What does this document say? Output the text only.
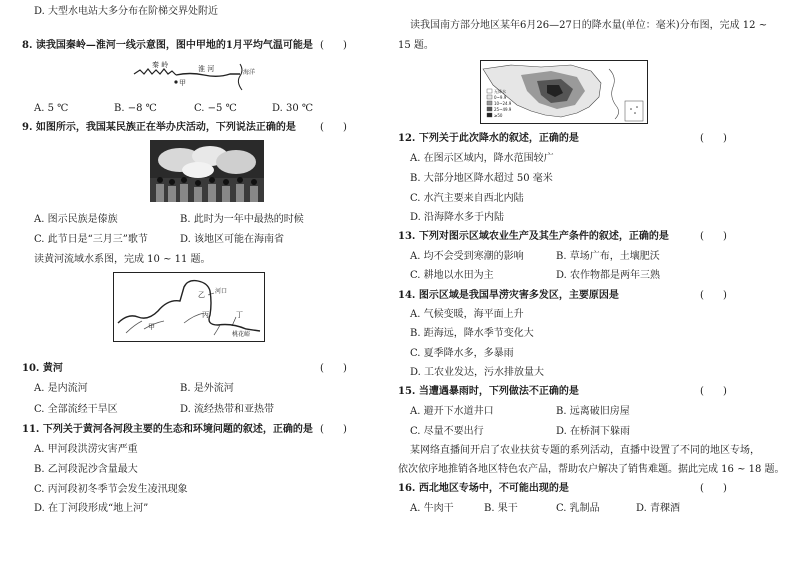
D. 大型水电站大多分布在阶梯交界处附近
8. 读我国秦岭—淮河一线示意图，图中甲地的1月平均气温可能是 (      )
秦 岭	淮 河	海洋
甲
A. 5 ℃	B. −8 ℃	C. −5 ℃	D. 30 ℃
9. 如图所示，我国某民族正在举办庆活动，下列说法正确的是 (      )
A. 图示民族是傣族	B. 此时为一年中最热的时候
C. 此节日是“三月三”歌节	D. 该地区可能在海南省
读黄河流域水系图，完成 10 ~ 11 题。
甲
乙
丙	丁
河口
桃花峪
10. 黄河	(      )
A. 是内流河	B. 是外流河
C. 全部流经干旱区	D. 流经热带和亚热带
11. 下列关于黄河各河段主要的生态和环境问题的叙述，正确的是 (      )
A. 甲河段洪涝灾害严重
B. 乙河段泥沙含量最大
C. 丙河段初冬季节会发生凌汛现象
D. 在丁河段形成“地上河”
读我国南方部分地区某年6月26—27日的降水量(单位：毫米)分布图，完成 12 ~
15 题。
无降水
0~9.9
10~24.9
25~49.9
≥50
12. 下列关于此次降水的叙述，正确的是	(      )
A. 在图示区域内，降水范围较广
B. 大部分地区降水超过 50 毫米
C. 水汽主要来自西北内陆
D. 沿海降水多于内陆
13. 下列对图示区域农业生产及其生产条件的叙述，正确的是	(      )
A. 均不会受到寒潮的影响	B. 草场广布，土壤肥沃
C. 耕地以水田为主	D. 农作物都是两年三熟
14. 图示区域是我国旱涝灾害多发区，主要原因是	(      )
A. 气候变暖，海平面上升
B. 距海远，降水季节变化大
C. 夏季降水多，多暴雨
D. 工农业发达，污水排放量大
15. 当遭遇暴雨时，下列做法不正确的是	(      )
A. 避开下水道井口	B. 远离破旧房屋
C. 尽量不要出行	D. 在桥洞下躲雨
某网络直播间开启了农业扶贫专题的系列活动，直播中设置了不同的地区专场，
依次依序地推销各地区特色农产品，帮助农户解决了销售难题。据此完成 16 ~ 18 题。
16. 西北地区专场中，不可能出现的是	(      )
A. 牛肉干	B. 果干	C. 乳制品	D. 青稞酒
